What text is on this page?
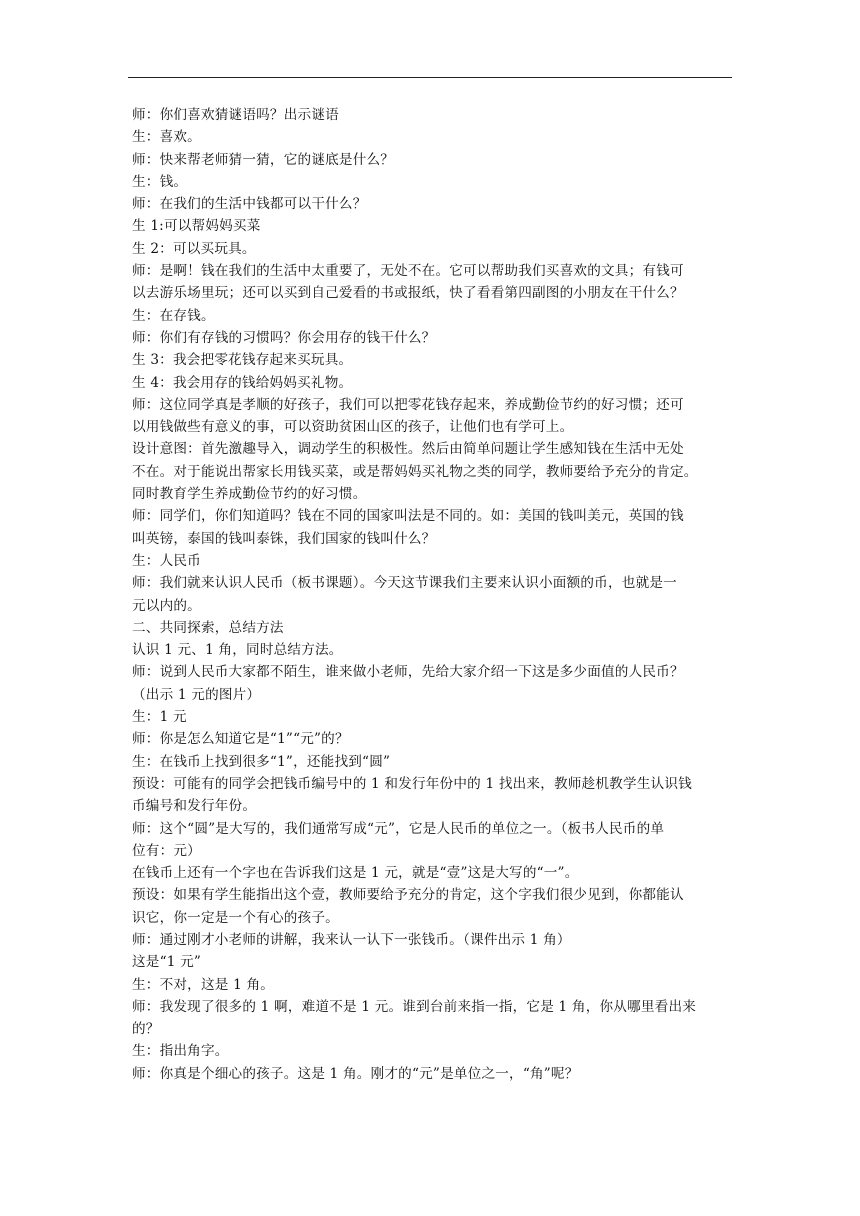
师：你们喜欢猜谜语吗？出示谜语
生：喜欢。
师：快来帮老师猜一猜，它的谜底是什么？
生：钱。
师：在我们的生活中钱都可以干什么？
生 1:可以帮妈妈买菜
生 2：可以买玩具。
师：是啊！钱在我们的生活中太重要了，无处不在。它可以帮助我们买喜欢的文具；有钱可
以去游乐场里玩；还可以买到自己爱看的书或报纸，快了看看第四副图的小朋友在干什么？
生：在存钱。
师：你们有存钱的习惯吗？你会用存的钱干什么？
生 3：我会把零花钱存起来买玩具。
生 4：我会用存的钱给妈妈买礼物。
师：这位同学真是孝顺的好孩子，我们可以把零花钱存起来，养成勤俭节约的好习惯；还可
以用钱做些有意义的事，可以资助贫困山区的孩子，让他们也有学可上。
设计意图：首先激趣导入，调动学生的积极性。然后由简单问题让学生感知钱在生活中无处
不在。对于能说出帮家长用钱买菜，或是帮妈妈买礼物之类的同学，教师要给予充分的肯定。
同时教育学生养成勤俭节约的好习惯。
师：同学们，你们知道吗？钱在不同的国家叫法是不同的。如：美国的钱叫美元，英国的钱
叫英镑，泰国的钱叫泰铢，我们国家的钱叫什么？
生：人民币
师：我们就来认识人民币（板书课题）。今天这节课我们主要来认识小面额的币，也就是一
元以内的。
二、共同探索，总结方法
认识 1 元、1 角，同时总结方法。
师：说到人民币大家都不陌生，谁来做小老师，先给大家介绍一下这是多少面值的人民币？
（出示 1 元的图片）
生：1 元
师：你是怎么知道它是“1”“元”的？
生：在钱币上找到很多“1”，还能找到“圆”
预设：可能有的同学会把钱币编号中的 1 和发行年份中的 1 找出来，教师趁机教学生认识钱
币编号和发行年份。
师：这个“圆”是大写的，我们通常写成“元”，它是人民币的单位之一。（板书人民币的单
位有：元）
在钱币上还有一个字也在告诉我们这是 1 元，就是“壹”这是大写的“一”。
预设：如果有学生能指出这个壹，教师要给予充分的肯定，这个字我们很少见到，你都能认
识它，你一定是一个有心的孩子。
师：通过刚才小老师的讲解，我来认一认下一张钱币。（课件出示 1 角）
这是“1 元”
生：不对，这是 1 角。
师：我发现了很多的 1 啊，难道不是 1 元。谁到台前来指一指，它是 1 角，你从哪里看出来
的？
生：指出角字。
师：你真是个细心的孩子。这是 1 角。刚才的“元”是单位之一，“角”呢？
